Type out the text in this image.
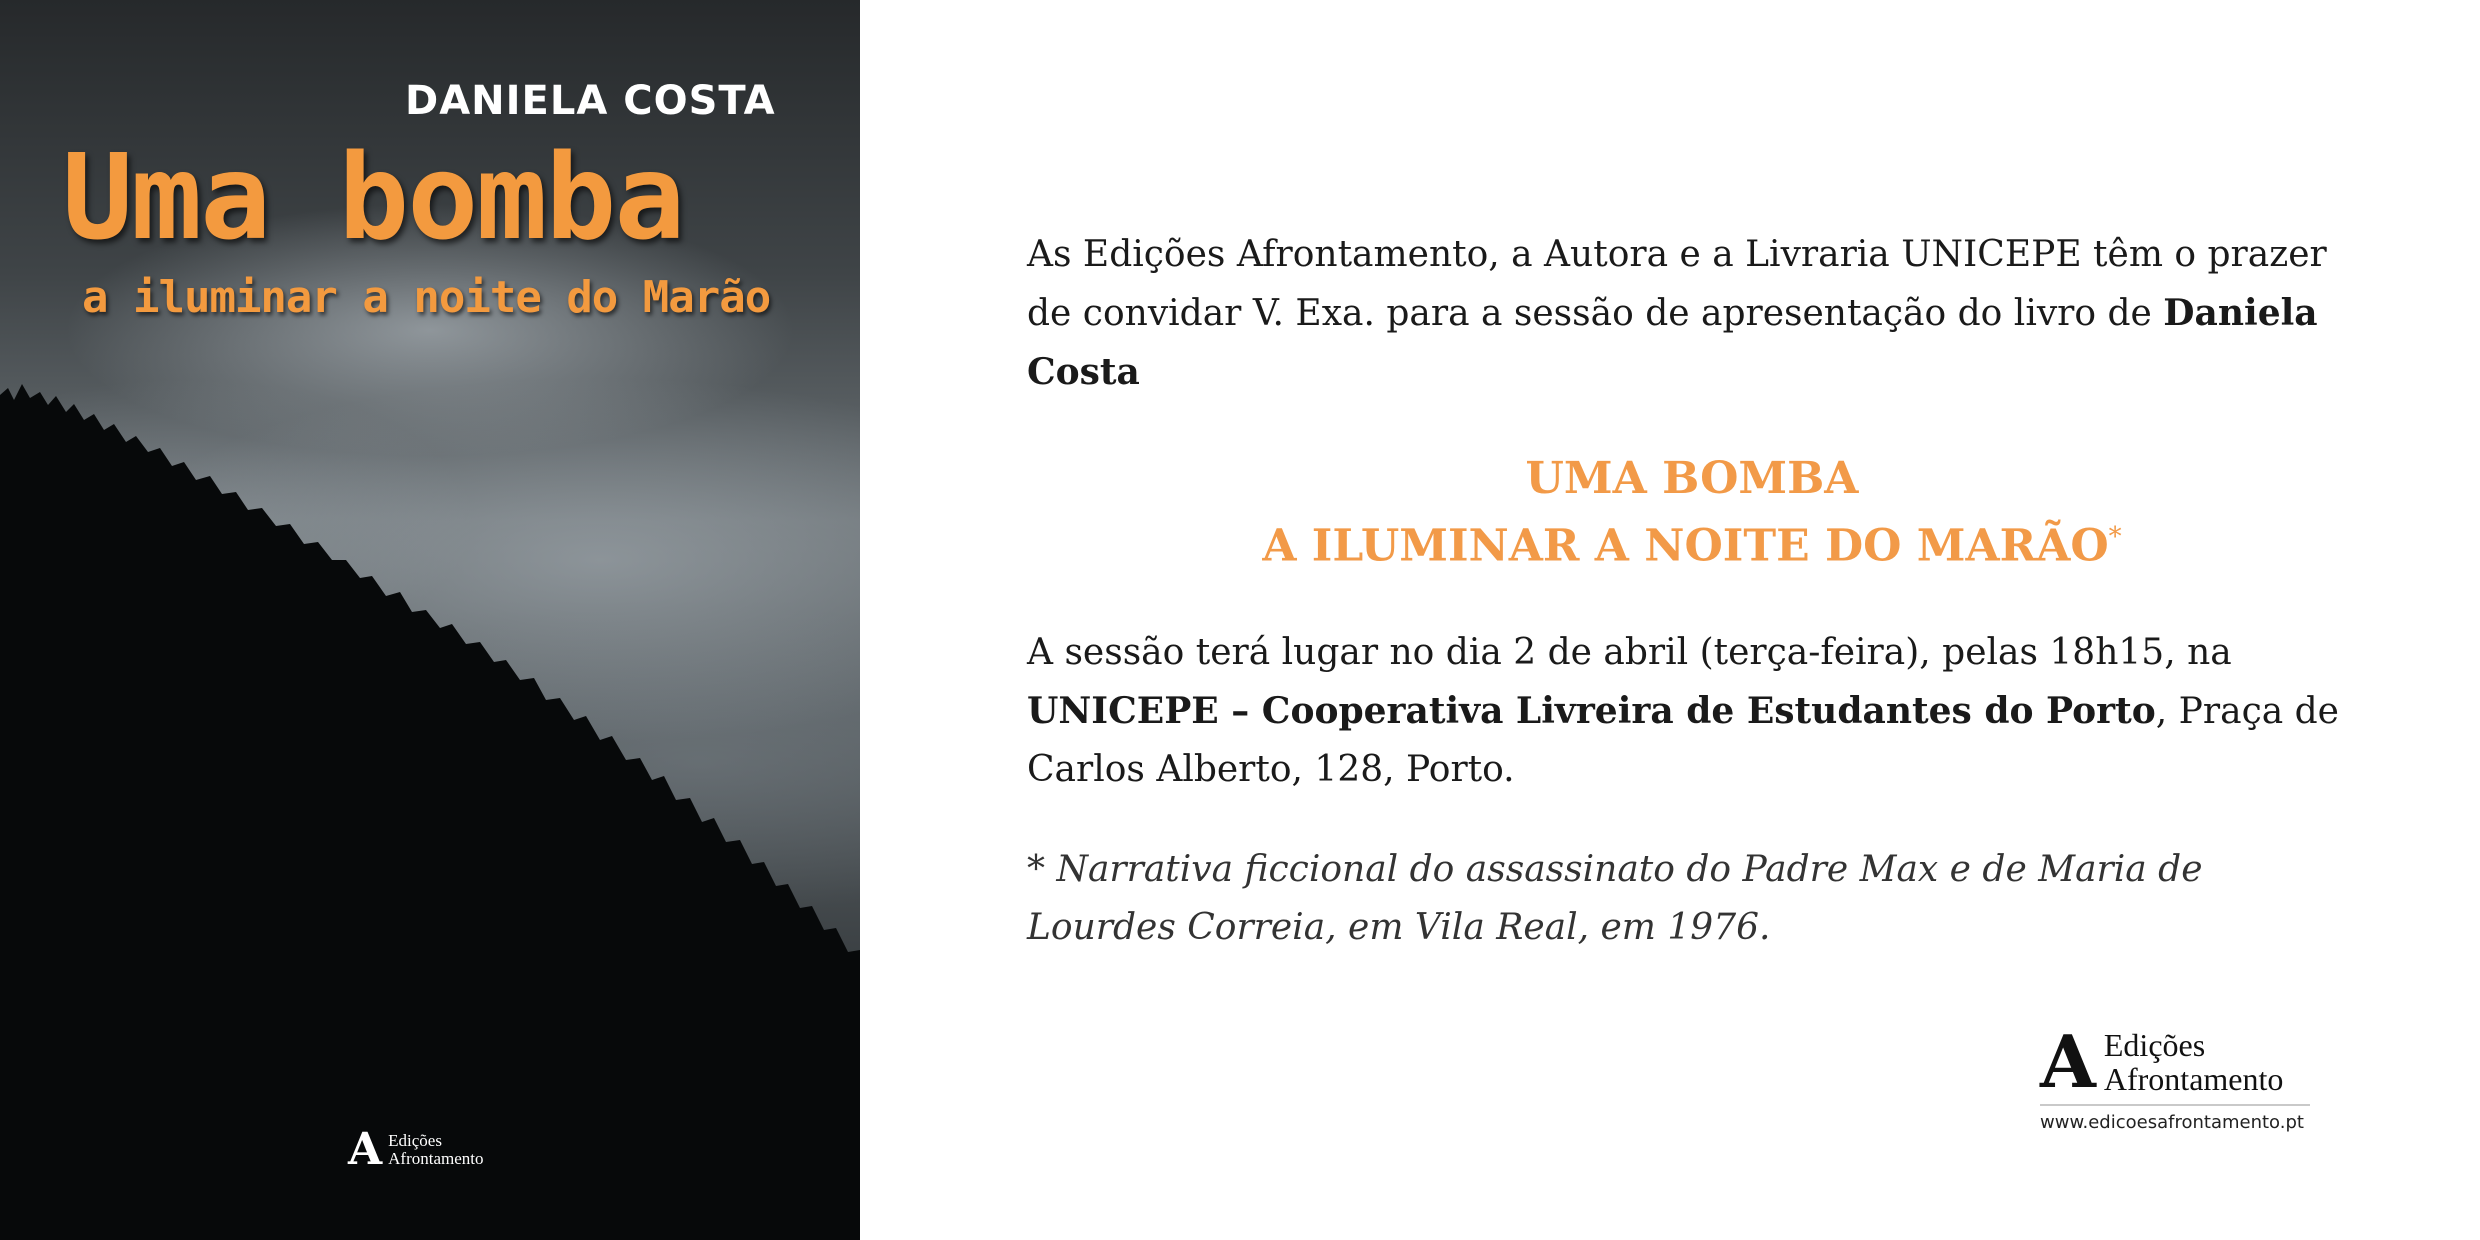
DANIELA COSTA
Uma bomba
a iluminar a noite do Marão
A Edições
Afrontamento

As Edições Afrontamento, a Autora e a Livraria UNICEPE têm o prazer de convidar V. Exa. para a sessão de apresentação do livro de Daniela Costa

UMA BOMBA
A ILUMINAR A NOITE DO MARÃO*

A sessão terá lugar no dia 2 de abril (terça-feira), pelas 18h15, na UNICEPE – Cooperativa Livreira de Estudantes do Porto, Praça de Carlos Alberto, 128, Porto.

* Narrativa ficcional do assassinato do Padre Max e de Maria de Lourdes Correia, em Vila Real, em 1976.

A Edições
Afrontamento
www.edicoesafrontamento.pt
